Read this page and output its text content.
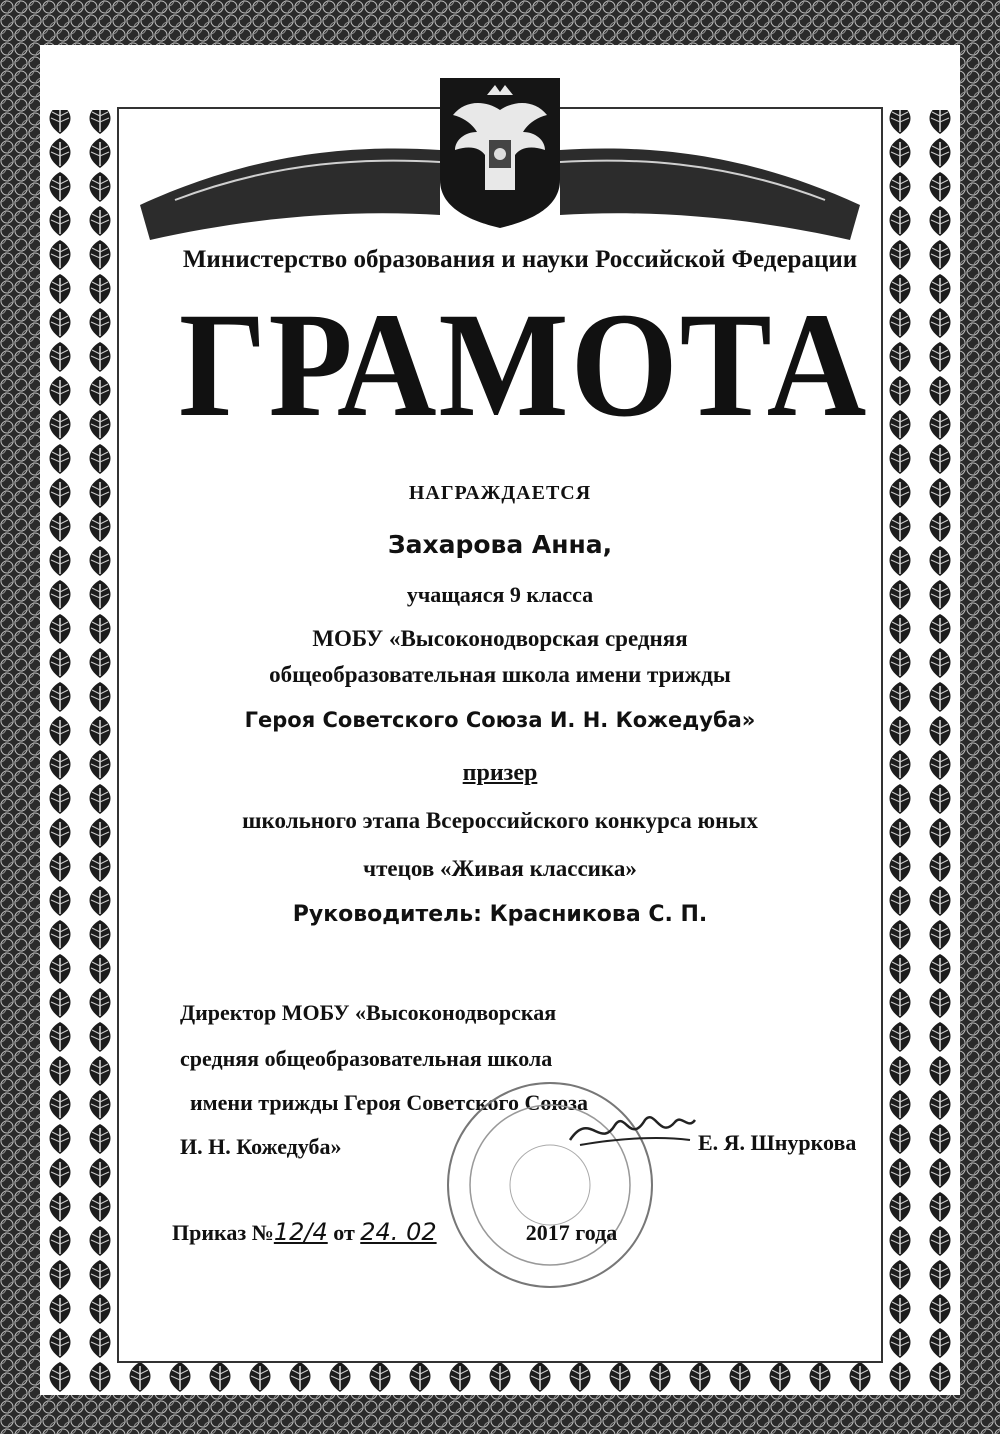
Министерство образования и науки Российской Федерации
ГРАМОТА
НАГРАЖДАЕТСЯ
Захарова Анна,
учащаяся 9 класса
МОБУ «Высоконодворская средняя
общеобразовательная школа имени трижды
Героя Советского Союза И. Н. Кожедуба»
призер
школьного этапа Всероссийского конкурса юных
чтецов «Живая классика»
Руководитель: Красникова С. П.
Директор МОБУ «Высоконодворская
средняя общеобразовательная школа
имени трижды Героя Советского Союза
И. Н. Кожедуба»	Е. Я. Шнуркова
Приказ №12/4 от 24. 02	2017 года
